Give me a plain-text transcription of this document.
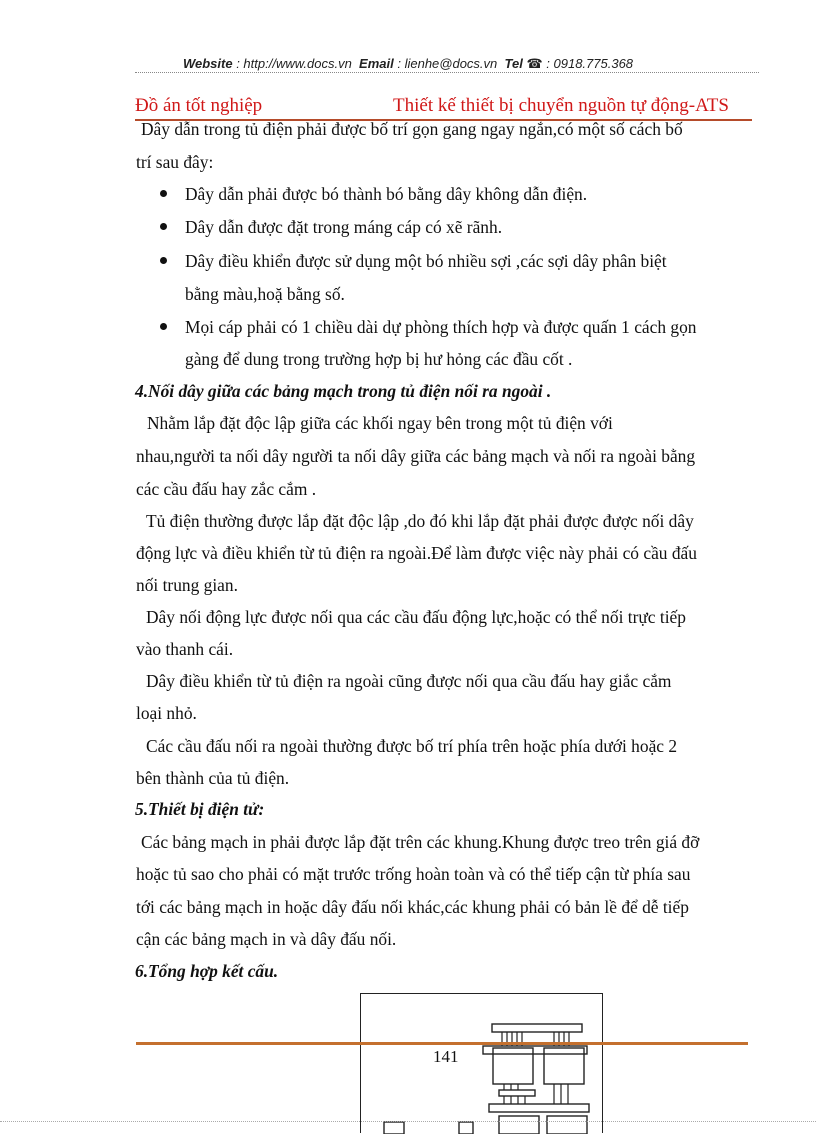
Website : http://www.docs.vn Email : lienhe@docs.vn Tel ☎ : 0918.775.368
Đồ án tốt nghiệp	Thiết kế thiết bị chuyển nguồn tự động-ATS
Dây dẫn trong tủ điện phải được bố trí gọn gang ngay ngắn,có một số cách bố
trí sau đây:
Dây dẫn phải được bó thành bó bằng dây không dẫn điện.
Dây dẫn được đặt trong máng cáp có xẽ rãnh.
Dây điều khiển được sử dụng một bó nhiều sợi ,các sợi dây phân biệt
bằng màu,hoặ bằng số.
Mọi cáp phải có 1 chiều dài dự phòng thích hợp và được quấn 1 cách gọn
gàng để dung trong trường hợp bị hư hỏng các đầu cốt .
4.Nối dây giữa các bảng mạch trong tủ điện nối ra ngoài .
Nhằm lắp đặt độc lập giữa các khối ngay bên trong một tủ điện với
nhau,người ta nối dây người ta nối dây giữa các bảng mạch và nối ra ngoài bằng
các cầu đấu hay zắc cắm .
Tủ điện thường được lắp đặt độc lập ,do đó khi lắp đặt phải được được nối dây
động lực và điều khiển từ tủ điện ra ngoài.Để làm được việc này phải có cầu đấu
nối trung gian.
Dây nối động lực được nối qua các cầu đấu động lực,hoặc có thể nối trực tiếp
vào thanh cái.
Dây điều khiển từ tủ điện ra ngoài cũng được nối qua cầu đấu hay giắc cắm
loại nhỏ.
Các cầu đấu nối ra ngoài thường được bố trí phía trên hoặc phía dưới hoặc 2
bên thành của tủ điện.
5.Thiết bị điện tử:
Các bảng mạch in phải được lắp đặt trên các khung.Khung được treo trên giá đỡ
hoặc tủ sao cho phải có mặt trước trống hoàn toàn và có thể tiếp cận từ phía sau
tới các bảng mạch in hoặc dây đấu nối khác,các khung phải có bản lề để dễ tiếp
cận các bảng mạch in và dây đấu nối.
6.Tổng hợp kết cấu.
141
